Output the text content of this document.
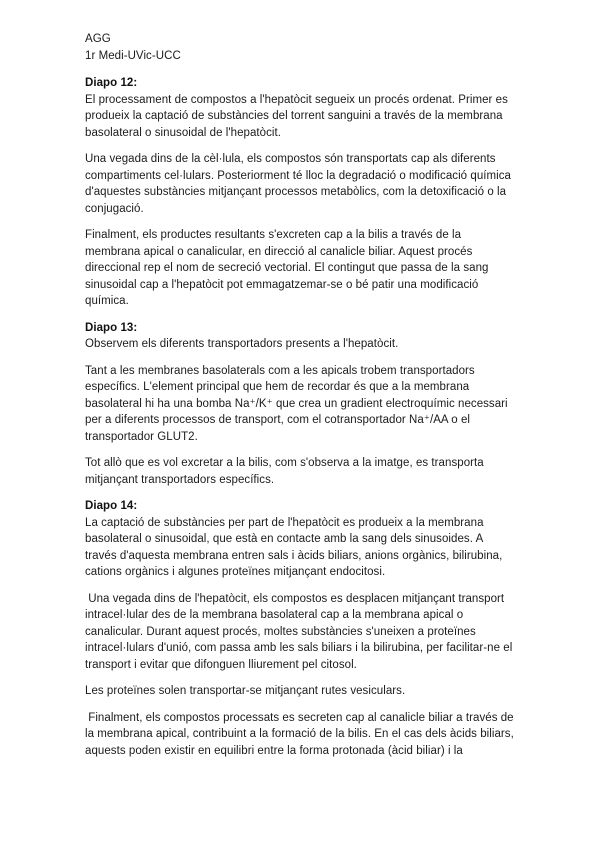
AGG

1r Medi-UVic-UCC

Diapo 12:

El processament de compostos a l'hepatòcit segueix un procés ordenat. Primer es produeix la captació de substàncies del torrent sanguini a través de la membrana basolateral o sinusoidal de l'hepatòcit.

Una vegada dins de la cèl·lula, els compostos són transportats cap als diferents compartiments cel·lulars. Posteriorment té lloc la degradació o modificació química d'aquestes substàncies mitjançant processos metabòlics, com la detoxificació o la conjugació.

Finalment, els productes resultants s'excreten cap a la bilis a través de la membrana apical o canalicular, en direcció al canalicle biliar. Aquest procés direccional rep el nom de secreció vectorial. El contingut que passa de la sang sinusoidal cap a l'hepatòcit pot emmagatzemar-se o bé patir una modificació química.

Diapo 13:

Observem els diferents transportadors presents a l'hepatòcit.

Tant a les membranes basolaterals com a les apicals trobem transportadors específics. L'element principal que hem de recordar és que a la membrana basolateral hi ha una bomba Na⁺/K⁺ que crea un gradient electroquímic necessari per a diferents processos de transport, com el cotransportador Na⁺/AA o el transportador GLUT2.

Tot allò que es vol excretar a la bilis, com s'observa a la imatge, es transporta mitjançant transportadors específics.

Diapo 14:

La captació de substàncies per part de l'hepatòcit es produeix a la membrana basolateral o sinusoidal, que està en contacte amb la sang dels sinusoides. A través d'aquesta membrana entren sals i àcids biliars, anions orgànics, bilirubina, cations orgànics i algunes proteïnes mitjançant endocitosi.

Una vegada dins de l'hepatòcit, els compostos es desplacen mitjançant transport intracel·lular des de la membrana basolateral cap a la membrana apical o canalicular. Durant aquest procés, moltes substàncies s'uneixen a proteïnes intracel·lulars d'unió, com passa amb les sals biliars i la bilirubina, per facilitar-ne el transport i evitar que difonguen lliurement pel citosol.

Les proteïnes solen transportar-se mitjançant rutes vesiculars.

Finalment, els compostos processats es secreten cap al canalicle biliar a través de la membrana apical, contribuint a la formació de la bilis. En el cas dels àcids biliars, aquests poden existir en equilibri entre la forma protonada (àcid biliar) i la
